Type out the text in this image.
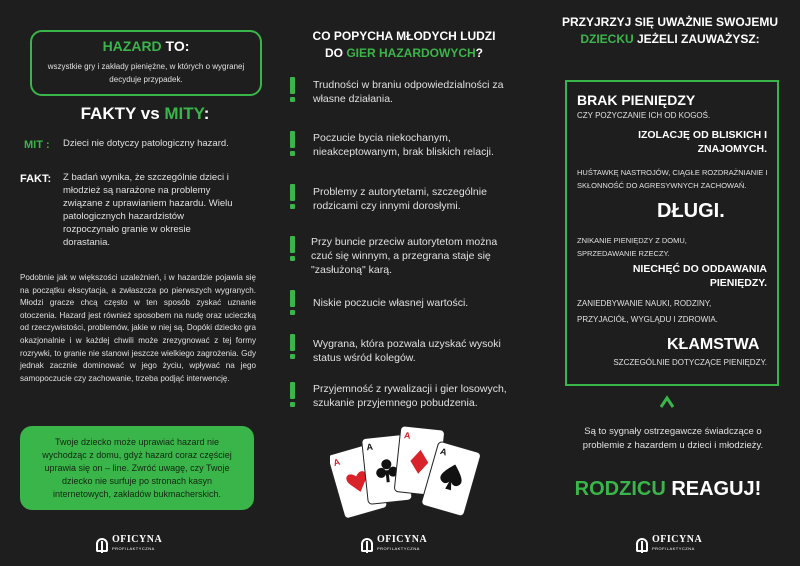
HAZARD TO:
wszystkie gry i zakłady pieniężne, w których o wygranej decyduje przypadek.
FAKTY vs MITY:
MIT : Dzieci nie dotyczy patologiczny hazard.
FAKT: Z badań wynika, że szczególnie dzieci i młodzież są narażone na problemy związane z uprawianiem hazardu. Wielu patologicznych hazardzistów rozpoczynało granie w okresie dorastania.
Podobnie jak w większości uzależnień, i w hazardzie pojawia się na początku ekscytacja, a zwłaszcza po pierwszych wygranych. Młodzi gracze chcą często w ten sposób zyskać uznanie otoczenia. Hazard jest również sposobem na nudę oraz ucieczką od rzeczywistości, problemów, jakie w niej są. Dopóki dziecko gra okazjonalnie i w każdej chwili może zrezygnować z tej formy rozrywki, to granie nie stanowi jeszcze wielkiego zagrożenia. Gdy jednak zacznie dominować w jego życiu, wpływać na jego samopoczucie czy zachowanie, trzeba podjąć interwencję.
Twoje dziecko może uprawiać hazard nie wychodząc z domu, gdyż hazard coraz częściej uprawia się on – line. Zwróć uwagę, czy Twoje dziecko nie surfuje po stronach kasyn internetowych, zakładów bukmacherskich.
OFICYNA
PROFILAKTYCZNA
OFICYNA
PROFILAKTYCZNA
OFICYNA
PROFILAKTYCZNA
CO POPYCHA MŁODYCH LUDZI
DO GIER HAZARDOWYCH?
Trudności w braniu odpowiedzialności za własne działania.
Poczucie bycia niekochanym, nieakceptowanym, brak bliskich relacji.
Problemy z autorytetami, szczególnie rodzicami czy innymi dorosłymi.
Przy buncie przeciw autorytetom można czuć się winnym, a przegrana staje się "zasłużoną" karą.
Niskie poczucie własnej wartości.
Wygrana, która pozwala uzyskać wysoki status wśród kolegów.
Przyjemność z rywalizacji i gier losowych, szukanie przyjemnego pobudzenia.
A
A
A
A
PRZYJRZYJ SIĘ UWAŻNIE SWOJEMU
DZIECKU JEŻELI ZAUWAŻYSZ:
BRAK PIENIĘDZY
CZY POŻYCZANIE ICH OD KOGOŚ.
IZOLACJĘ OD BLISKICH I ZNAJOMYCH.
HUŚTAWKĘ NASTROJÓW, CIĄGŁE ROZDRAŻNIANIE I SKŁONNOŚĆ DO AGRESYWNYCH ZACHOWAŃ.
DŁUGI.
ZNIKANIE PIENIĘDZY Z DOMU, SPRZEDAWANIE RZECZY.
NIECHĘĆ DO ODDAWANIA PIENIĘDZY.
ZANIEDBYWANIE NAUKI, RODZINY, PRZYJACIÓŁ, WYGLĄDU I ZDROWIA.
KŁAMSTWA
SZCZEGÓLNIE DOTYCZĄCE PIENIĘDZY.
Są to sygnały ostrzegawcze świadczące o problemie z hazardem u dzieci i młodzieży.
RODZICU REAGUJ!
